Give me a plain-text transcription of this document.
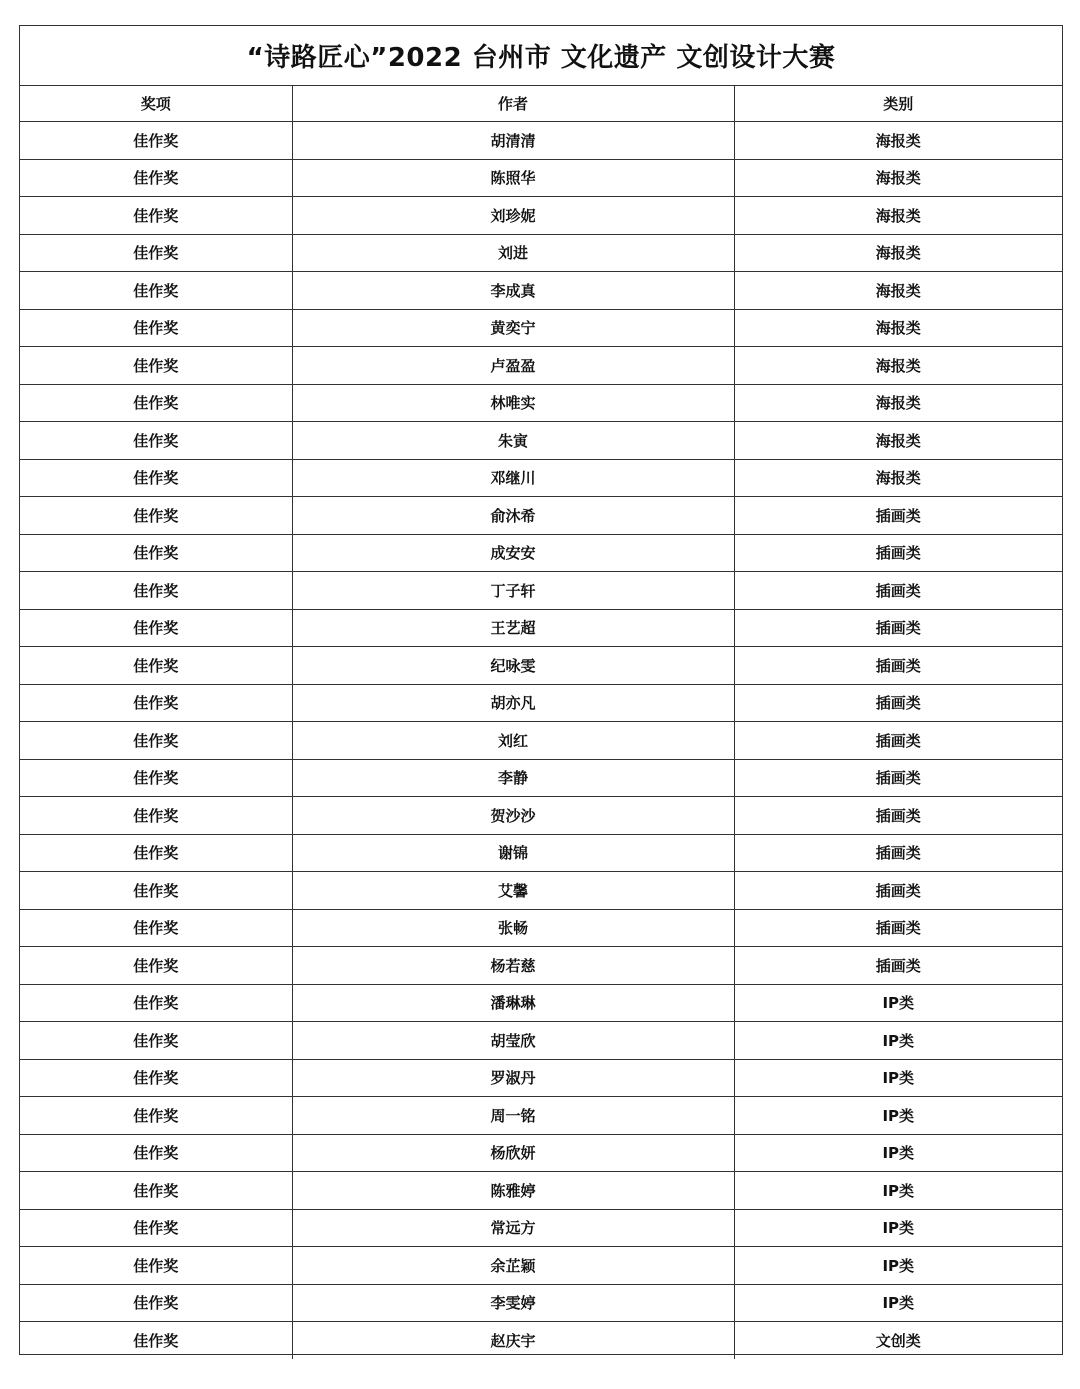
“诗路匠心”2022 台州市 文化遗产 文创设计大赛
奖项	作者	类别
佳作奖	胡清清	海报类
佳作奖	陈照华	海报类
佳作奖	刘珍妮	海报类
佳作奖	刘进	海报类
佳作奖	李成真	海报类
佳作奖	黄奕宁	海报类
佳作奖	卢盈盈	海报类
佳作奖	林唯实	海报类
佳作奖	朱寅	海报类
佳作奖	邓继川	海报类
佳作奖	俞沐希	插画类
佳作奖	成安安	插画类
佳作奖	丁子轩	插画类
佳作奖	王艺超	插画类
佳作奖	纪咏雯	插画类
佳作奖	胡亦凡	插画类
佳作奖	刘红	插画类
佳作奖	李静	插画类
佳作奖	贺沙沙	插画类
佳作奖	谢锦	插画类
佳作奖	艾馨	插画类
佳作奖	张畅	插画类
佳作奖	杨若慈	插画类
佳作奖	潘琳琳	IP类
佳作奖	胡莹欣	IP类
佳作奖	罗淑丹	IP类
佳作奖	周一铭	IP类
佳作奖	杨欣妍	IP类
佳作奖	陈雅婷	IP类
佳作奖	常远方	IP类
佳作奖	余芷颖	IP类
佳作奖	李雯婷	IP类
佳作奖	赵庆宇	文创类
